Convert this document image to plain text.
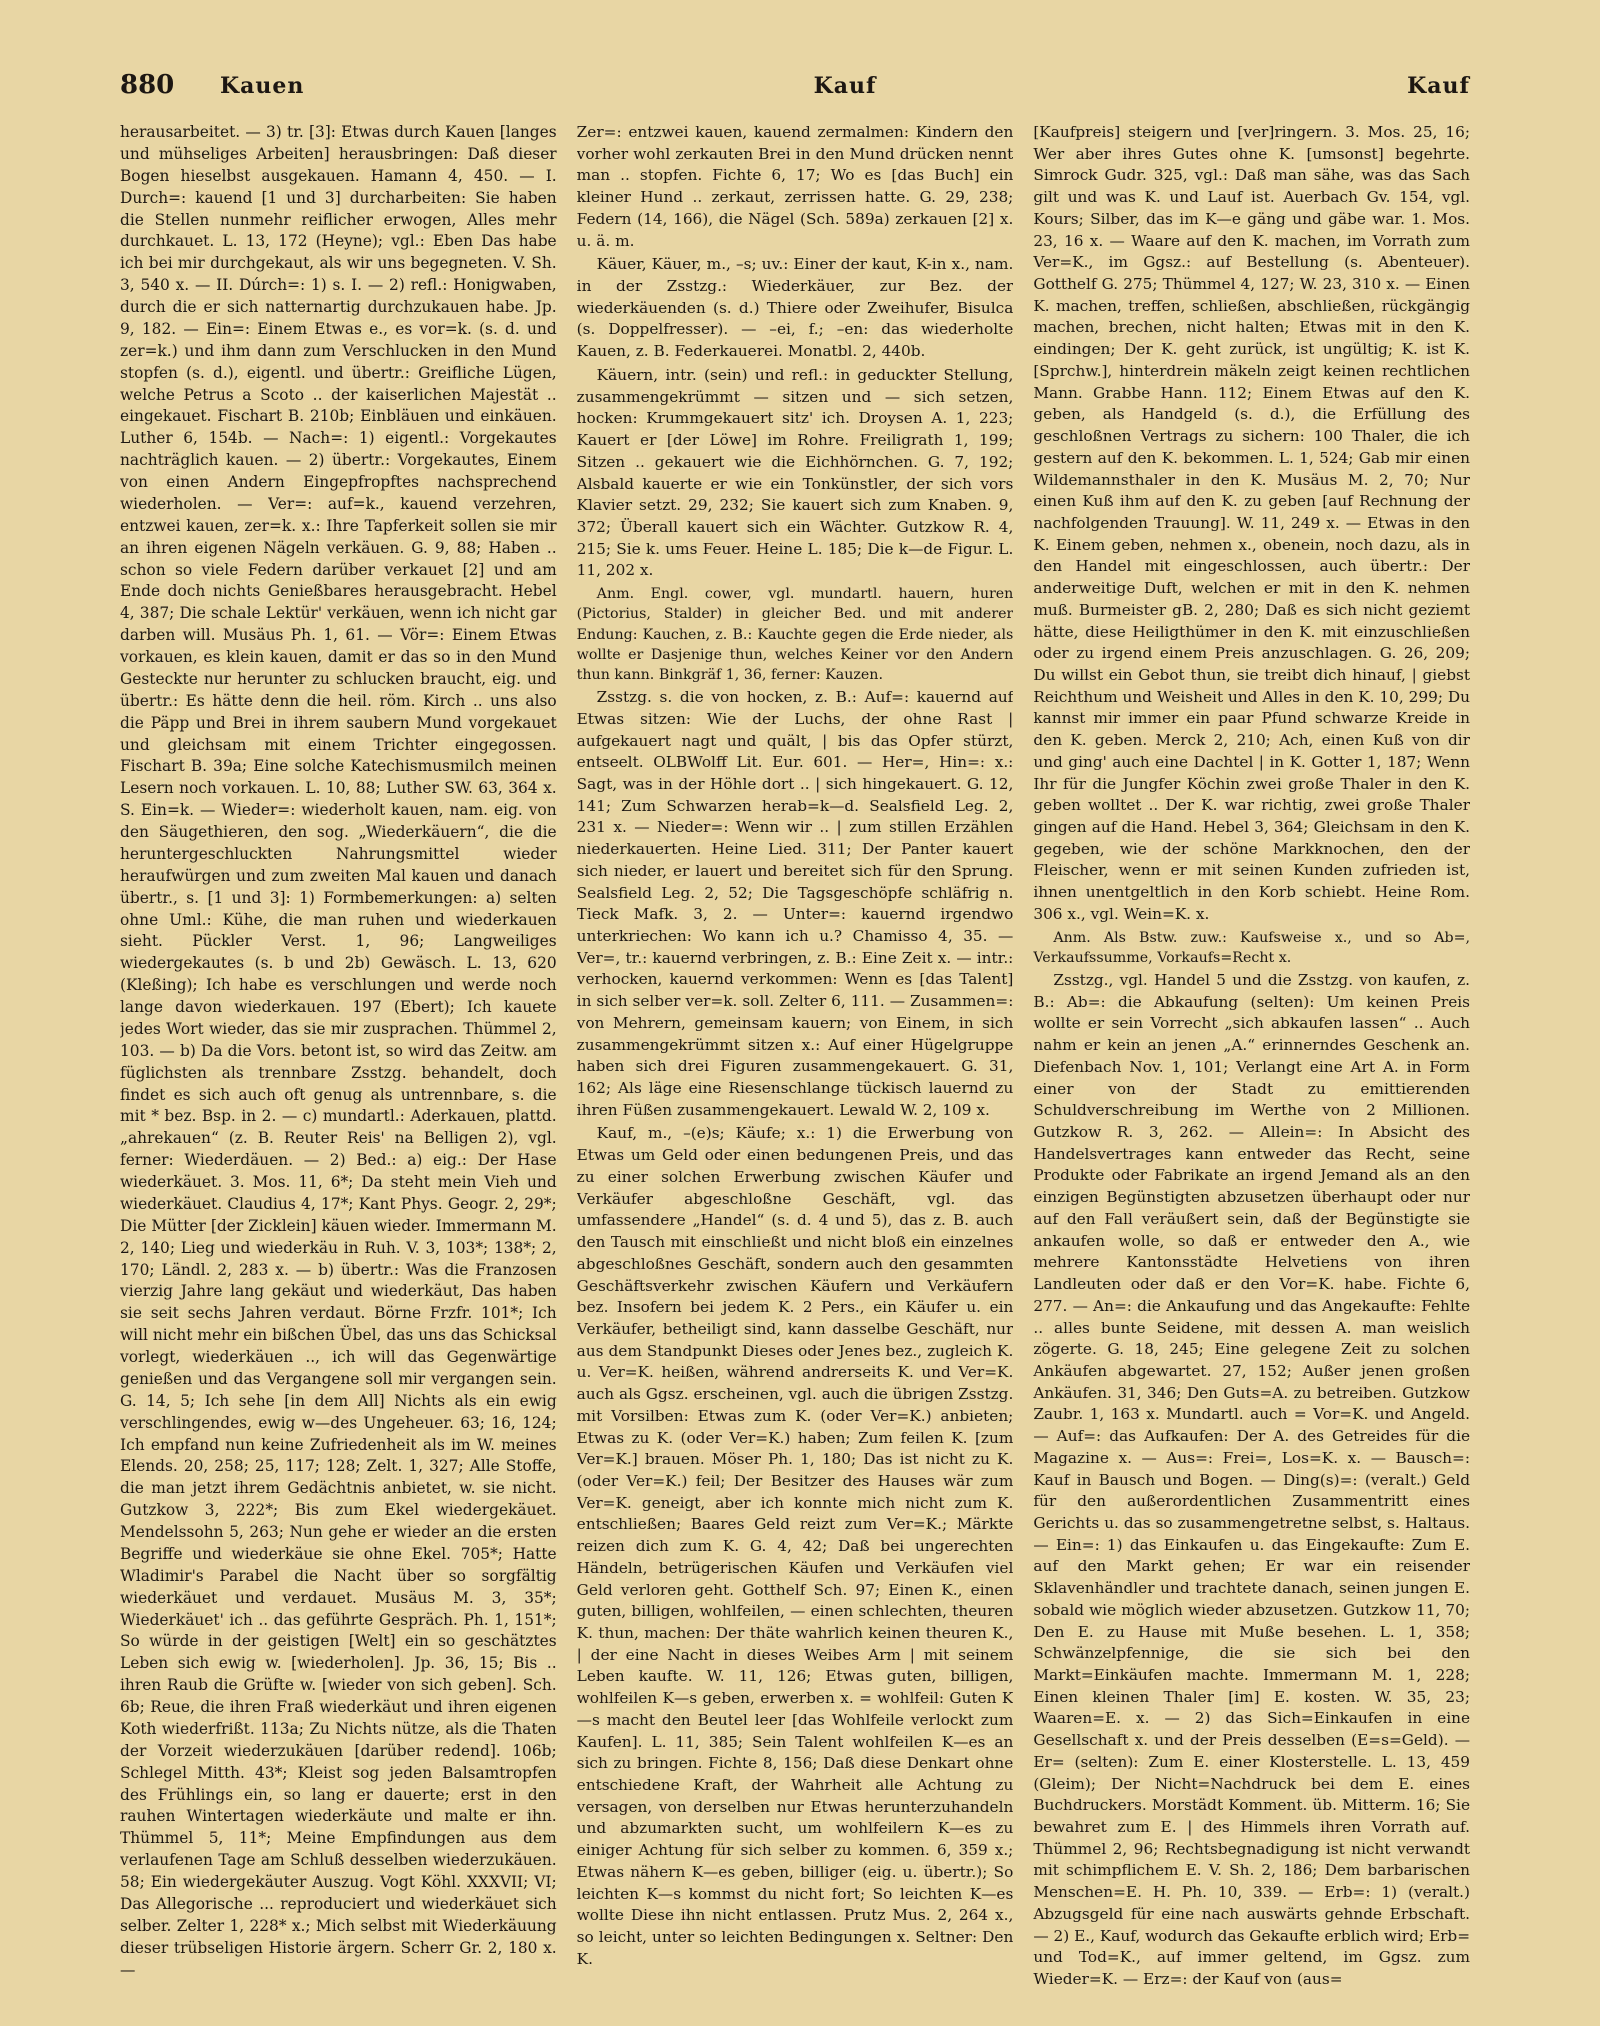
880	Kauen	Kauf	Kauf

herausarbeitet. — 3) tr. [3]: Etwas durch Kauen [langes und mühseliges Arbeiten] herausbringen: Daß dieser Bogen hieselbst ausgekauen. Hamann 4, 450. — I. Durch=: kauend [1 und 3] durcharbeiten: Sie haben die Stellen nunmehr reiflicher erwogen, Alles mehr durchkauet. L. 13, 172 (Heyne); vgl.: Eben Das habe ich bei mir durchgekaut, als wir uns begegneten. V. Sh. 3, 540 x. — II. Dúrch=: 1) s. I. — 2) refl.: Honigwaben, durch die er sich natternartig durchzukauen habe. Jp. 9, 182. — Ein=: Einem Etwas e., es vor=k. (s. d. und zer=k.) und ihm dann zum Verschlucken in den Mund stopfen (s. d.), eigentl. und übertr.: Greifliche Lügen, welche Petrus a Scoto .. der kaiserlichen Majestät .. eingekauet. Fischart B. 210b; Einbläuen und einkäuen. Luther 6, 154b. — Nach=: 1) eigentl.: Vorgekautes nachträglich kauen. — 2) übertr.: Vorgekautes, Einem von einen Andern Eingepfropftes nachsprechend wiederholen. — Ver=: auf=k., kauend verzehren, entzwei kauen, zer=k. x.: Ihre Tapferkeit sollen sie mir an ihren eigenen Nägeln verkäuen. G. 9, 88; Haben .. schon so viele Federn darüber verkauet [2] und am Ende doch nichts Genießbares herausgebracht. Hebel 4, 387; Die schale Lektür' verkäuen, wenn ich nicht gar darben will. Musäus Ph. 1, 61. — Vör=: Einem Etwas vorkauen, es klein kauen, damit er das so in den Mund Gesteckte nur herunter zu schlucken braucht, eig. und übertr.: Es hätte denn die heil. röm. Kirch .. uns also die Päpp und Brei in ihrem saubern Mund vorgekauet und gleichsam mit einem Trichter eingegossen. Fischart B. 39a; Eine solche Katechismusmilch meinen Lesern noch vorkauen. L. 10, 88; Luther SW. 63, 364 x. S. Ein=k. — Wieder=: wiederholt kauen, nam. eig. von den Säugethieren, den sog. „Wiederkäuern“, die die heruntergeschluckten Nahrungsmittel wieder heraufwürgen und zum zweiten Mal kauen und danach übertr., s. [1 und 3]: 1) Formbemerkungen: a) selten ohne Uml.: Kühe, die man ruhen und wiederkauen sieht. Pückler Verst. 1, 96; Langweiliges wiedergekautes (s. b und 2b) Gewäsch. L. 13, 620 (Kleßing); Ich habe es verschlungen und werde noch lange davon wiederkauen. 197 (Ebert); Ich kauete jedes Wort wieder, das sie mir zusprachen. Thümmel 2, 103. — b) Da die Vors. betont ist, so wird das Zeitw. am füglichsten als trennbare Zsstzg. behandelt, doch findet es sich auch oft genug als untrennbare, s. die mit * bez. Bsp. in 2. — c) mundartl.: Aderkauen, plattd. „ahrekauen“ (z. B. Reuter Reis' na Belligen 2), vgl. ferner: Wiederdäuen. — 2) Bed.: a) eig.: Der Hase wiederkäuet. 3. Mos. 11, 6*; Da steht mein Vieh und wiederkäuet. Claudius 4, 17*; Kant Phys. Geogr. 2, 29*; Die Mütter [der Zicklein] käuen wieder. Immermann M. 2, 140; Lieg und wiederkäu in Ruh. V. 3, 103*; 138*; 2, 170; Ländl. 2, 283 x. — b) übertr.: Was die Franzosen vierzig Jahre lang gekäut und wiederkäut, Das haben sie seit sechs Jahren verdaut. Börne Frzfr. 101*; Ich will nicht mehr ein bißchen Übel, das uns das Schicksal vorlegt, wiederkäuen .., ich will das Gegenwärtige genießen und das Vergangene soll mir vergangen sein. G. 14, 5; Ich sehe [in dem All] Nichts als ein ewig verschlingendes, ewig w—des Ungeheuer. 63; 16, 124; Ich empfand nun keine Zufriedenheit als im W. meines Elends. 20, 258; 25, 117; 128; Zelt. 1, 327; Alle Stoffe, die man jetzt ihrem Gedächtnis anbietet, w. sie nicht. Gutzkow 3, 222*; Bis zum Ekel wiedergekäuet. Mendelssohn 5, 263; Nun gehe er wieder an die ersten Begriffe und wiederkäue sie ohne Ekel. 705*; Hatte Wladimir's Parabel die Nacht über so sorgfältig wiederkäuet und verdauet. Musäus M. 3, 35*; Wiederkäuet' ich .. das geführte Gespräch. Ph. 1, 151*; So würde in der geistigen [Welt] ein so geschätztes Leben sich ewig w. [wiederholen]. Jp. 36, 15; Bis .. ihren Raub die Grüfte w. [wieder von sich geben]. Sch. 6b; Reue, die ihren Fraß wiederkäut und ihren eigenen Koth wiederfrißt. 113a; Zu Nichts nütze, als die Thaten der Vorzeit wiederzukäuen [darüber redend]. 106b; Schlegel Mitth. 43*; Kleist sog jeden Balsamtropfen des Frühlings ein, so lang er dauerte; erst in den rauhen Wintertagen wiederkäute und malte er ihn. Thümmel 5, 11*; Meine Empfindungen aus dem verlaufenen Tage am Schluß desselben wiederzukäuen. 58; Ein wiedergekäuter Auszug. Vogt Köhl. XXXVII; VI; Das Allegorische ... reproduciert und wiederkäuet sich selber. Zelter 1, 228* x.; Mich selbst mit Wiederkäuung dieser trübseligen Historie ärgern. Scherr Gr. 2, 180 x. —

Zer=: entzwei kauen, kauend zermalmen: Kindern den vorher wohl zerkauten Brei in den Mund drücken nennt man .. stopfen. Fichte 6, 17; Wo es [das Buch] ein kleiner Hund .. zerkaut, zerrissen hatte. G. 29, 238; Federn (14, 166), die Nägel (Sch. 589a) zerkauen [2] x. u. ä. m.

Käuer, Käuer, m., –s; uv.: Einer der kaut, K-in x., nam. in der Zsstzg.: Wiederkäuer, zur Bez. der wiederkäuenden (s. d.) Thiere oder Zweihufer, Bisulca (s. Doppelfresser). — –ei, f.; –en: das wiederholte Kauen, z. B. Federkauerei. Monatbl. 2, 440b.

Käuern, intr. (sein) und refl.: in geduckter Stellung, zusammengekrümmt — sitzen und — sich setzen, hocken: Krummgekauert sitz' ich. Droysen A. 1, 223; Kauert er [der Löwe] im Rohre. Freiligrath 1, 199; Sitzen .. gekauert wie die Eichhörnchen. G. 7, 192; Alsbald kauerte er wie ein Tonkünstler, der sich vors Klavier setzt. 29, 232; Sie kauert sich zum Knaben. 9, 372; Überall kauert sich ein Wächter. Gutzkow R. 4, 215; Sie k. ums Feuer. Heine L. 185; Die k—de Figur. L. 11, 202 x.

Anm. Engl. cower, vgl. mundartl. hauern, huren (Pictorius, Stalder) in gleicher Bed. und mit anderer Endung: Kauchen, z. B.: Kauchte gegen die Erde nieder, als wollte er Dasjenige thun, welches Keiner vor den Andern thun kann. Binkgräf 1, 36, ferner: Kauzen.

Zsstzg. s. die von hocken, z. B.: Auf=: kauernd auf Etwas sitzen: Wie der Luchs, der ohne Rast | aufgekauert nagt und quält, | bis das Opfer stürzt, entseelt. OLBWolff Lit. Eur. 601. — Her=, Hin=: x.: Sagt, was in der Höhle dort .. | sich hingekauert. G. 12, 141; Zum Schwarzen herab=k—d. Sealsfield Leg. 2, 231 x. — Nieder=: Wenn wir .. | zum stillen Erzählen niederkauerten. Heine Lied. 311; Der Panter kauert sich nieder, er lauert und bereitet sich für den Sprung. Sealsfield Leg. 2, 52; Die Tagsgeschöpfe schläfrig n. Tieck Mafk. 3, 2. — Unter=: kauernd irgendwo unterkriechen: Wo kann ich u.? Chamisso 4, 35. — Ver=, tr.: kauernd verbringen, z. B.: Eine Zeit x. — intr.: verhocken, kauernd verkommen: Wenn es [das Talent] in sich selber ver=k. soll. Zelter 6, 111. — Zusammen=: von Mehrern, gemeinsam kauern; von Einem, in sich zusammengekrümmt sitzen x.: Auf einer Hügelgruppe haben sich drei Figuren zusammengekauert. G. 31, 162; Als läge eine Riesenschlange tückisch lauernd zu ihren Füßen zusammengekauert. Lewald W. 2, 109 x.

Kauf, m., –(e)s; Käufe; x.: 1) die Erwerbung von Etwas um Geld oder einen bedungenen Preis, und das zu einer solchen Erwerbung zwischen Käufer und Verkäufer abgeschloßne Geschäft, vgl. das umfassendere „Handel“ (s. d. 4 und 5), das z. B. auch den Tausch mit einschließt und nicht bloß ein einzelnes abgeschloßnes Geschäft, sondern auch den gesammten Geschäftsverkehr zwischen Käufern und Verkäufern bez. Insofern bei jedem K. 2 Pers., ein Käufer u. ein Verkäufer, betheiligt sind, kann dasselbe Geschäft, nur aus dem Standpunkt Dieses oder Jenes bez., zugleich K. u. Ver=K. heißen, während andrerseits K. und Ver=K. auch als Ggsz. erscheinen, vgl. auch die übrigen Zsstzg. mit Vorsilben: Etwas zum K. (oder Ver=K.) anbieten; Etwas zu K. (oder Ver=K.) haben; Zum feilen K. [zum Ver=K.] brauen. Möser Ph. 1, 180; Das ist nicht zu K. (oder Ver=K.) feil; Der Besitzer des Hauses wär zum Ver=K. geneigt, aber ich konnte mich nicht zum K. entschließen; Baares Geld reizt zum Ver=K.; Märkte reizen dich zum K. G. 4, 42; Daß bei ungerechten Händeln, betrügerischen Käufen und Verkäufen viel Geld verloren geht. Gotthelf Sch. 97; Einen K., einen guten, billigen, wohlfeilen, — einen schlechten, theuren K. thun, machen: Der thäte wahrlich keinen theuren K., | der eine Nacht in dieses Weibes Arm | mit seinem Leben kaufte. W. 11, 126; Etwas guten, billigen, wohlfeilen K—s geben, erwerben x. = wohlfeil: Guten K—s macht den Beutel leer [das Wohlfeile verlockt zum Kaufen]. L. 11, 385; Sein Talent wohlfeilen K—es an sich zu bringen. Fichte 8, 156; Daß diese Denkart ohne entschiedene Kraft, der Wahrheit alle Achtung zu versagen, von derselben nur Etwas herunterzuhandeln und abzumarkten sucht, um wohlfeilern K—es zu einiger Achtung für sich selber zu kommen. 6, 359 x.; Etwas nähern K—es geben, billiger (eig. u. übertr.); So leichten K—s kommst du nicht fort; So leichten K—es wollte Diese ihn nicht entlassen. Prutz Mus. 2, 264 x., so leicht, unter so leichten Bedingungen x. Seltner: Den K.

[Kaufpreis] steigern und [ver]ringern. 3. Mos. 25, 16; Wer aber ihres Gutes ohne K. [umsonst] begehrte. Simrock Gudr. 325, vgl.: Daß man sähe, was das Sach gilt und was K. und Lauf ist. Auerbach Gv. 154, vgl. Kours; Silber, das im K—e gäng und gäbe war. 1. Mos. 23, 16 x. — Waare auf den K. machen, im Vorrath zum Ver=K., im Ggsz.: auf Bestellung (s. Abenteuer). Gotthelf G. 275; Thümmel 4, 127; W. 23, 310 x. — Einen K. machen, treffen, schließen, abschließen, rückgängig machen, brechen, nicht halten; Etwas mit in den K. eindingen; Der K. geht zurück, ist ungültig; K. ist K. [Sprchw.], hinterdrein mäkeln zeigt keinen rechtlichen Mann. Grabbe Hann. 112; Einem Etwas auf den K. geben, als Handgeld (s. d.), die Erfüllung des geschloßnen Vertrags zu sichern: 100 Thaler, die ich gestern auf den K. bekommen. L. 1, 524; Gab mir einen Wildemannsthaler in den K. Musäus M. 2, 70; Nur einen Kuß ihm auf den K. zu geben [auf Rechnung der nachfolgenden Trauung]. W. 11, 249 x. — Etwas in den K. Einem geben, nehmen x., obenein, noch dazu, als in den Handel mit eingeschlossen, auch übertr.: Der anderweitige Duft, welchen er mit in den K. nehmen muß. Burmeister gB. 2, 280; Daß es sich nicht geziemt hätte, diese Heiligthümer in den K. mit einzuschließen oder zu irgend einem Preis anzuschlagen. G. 26, 209; Du willst ein Gebot thun, sie treibt dich hinauf, | giebst Reichthum und Weisheit und Alles in den K. 10, 299; Du kannst mir immer ein paar Pfund schwarze Kreide in den K. geben. Merck 2, 210; Ach, einen Kuß von dir und ging' auch eine Dachtel | in K. Gotter 1, 187; Wenn Ihr für die Jungfer Köchin zwei große Thaler in den K. geben wolltet .. Der K. war richtig, zwei große Thaler gingen auf die Hand. Hebel 3, 364; Gleichsam in den K. gegeben, wie der schöne Markknochen, den der Fleischer, wenn er mit seinen Kunden zufrieden ist, ihnen unentgeltlich in den Korb schiebt. Heine Rom. 306 x., vgl. Wein=K. x.

Anm. Als Bstw. zuw.: Kaufsweise x., und so Ab=, Verkaufssumme, Vorkaufs=Recht x.

Zsstzg., vgl. Handel 5 und die Zsstzg. von kaufen, z. B.: Ab=: die Abkaufung (selten): Um keinen Preis wollte er sein Vorrecht „sich abkaufen lassen“ .. Auch nahm er kein an jenen „A.“ erinnerndes Geschenk an. Diefenbach Nov. 1, 101; Verlangt eine Art A. in Form einer von der Stadt zu emittierenden Schuldverschreibung im Werthe von 2 Millionen. Gutzkow R. 3, 262. — Allein=: In Absicht des Handelsvertrages kann entweder das Recht, seine Produkte oder Fabrikate an irgend Jemand als an den einzigen Begünstigten abzusetzen überhaupt oder nur auf den Fall veräußert sein, daß der Begünstigte sie ankaufen wolle, so daß er entweder den A., wie mehrere Kantonsstädte Helvetiens von ihren Landleuten oder daß er den Vor=K. habe. Fichte 6, 277. — An=: die Ankaufung und das Angekaufte: Fehlte .. alles bunte Seidene, mit dessen A. man weislich zögerte. G. 18, 245; Eine gelegene Zeit zu solchen Ankäufen abgewartet. 27, 152; Außer jenen großen Ankäufen. 31, 346; Den Guts=A. zu betreiben. Gutzkow Zaubr. 1, 163 x. Mundartl. auch = Vor=K. und Angeld. — Auf=: das Aufkaufen: Der A. des Getreides für die Magazine x. — Aus=: Frei=, Los=K. x. — Bausch=: Kauf in Bausch und Bogen. — Ding(s)=: (veralt.) Geld für den außerordentlichen Zusammentritt eines Gerichts u. das so zusammengetretne selbst, s. Haltaus. — Ein=: 1) das Einkaufen u. das Eingekaufte: Zum E. auf den Markt gehen; Er war ein reisender Sklavenhändler und trachtete danach, seinen jungen E. sobald wie möglich wieder abzusetzen. Gutzkow 11, 70; Den E. zu Hause mit Muße besehen. L. 1, 358; Schwänzelpfennige, die sie sich bei den Markt=Einkäufen machte. Immermann M. 1, 228; Einen kleinen Thaler [im] E. kosten. W. 35, 23; Waaren=E. x. — 2) das Sich=Einkaufen in eine Gesellschaft x. und der Preis desselben (E=s=Geld). — Er= (selten): Zum E. einer Klosterstelle. L. 13, 459 (Gleim); Der Nicht=Nachdruck bei dem E. eines Buchdruckers. Morstädt Komment. üb. Mitterm. 16; Sie bewahret zum E. | des Himmels ihren Vorrath auf. Thümmel 2, 96; Rechtsbegnadigung ist nicht verwandt mit schimpflichem E. V. Sh. 2, 186; Dem barbarischen Menschen=E. H. Ph. 10, 339. — Erb=: 1) (veralt.) Abzugsgeld für eine nach auswärts gehnde Erbschaft. — 2) E., Kauf, wodurch das Gekaufte erblich wird; Erb= und Tod=K., auf immer geltend, im Ggsz. zum Wieder=K. — Erz=: der Kauf von (aus=
